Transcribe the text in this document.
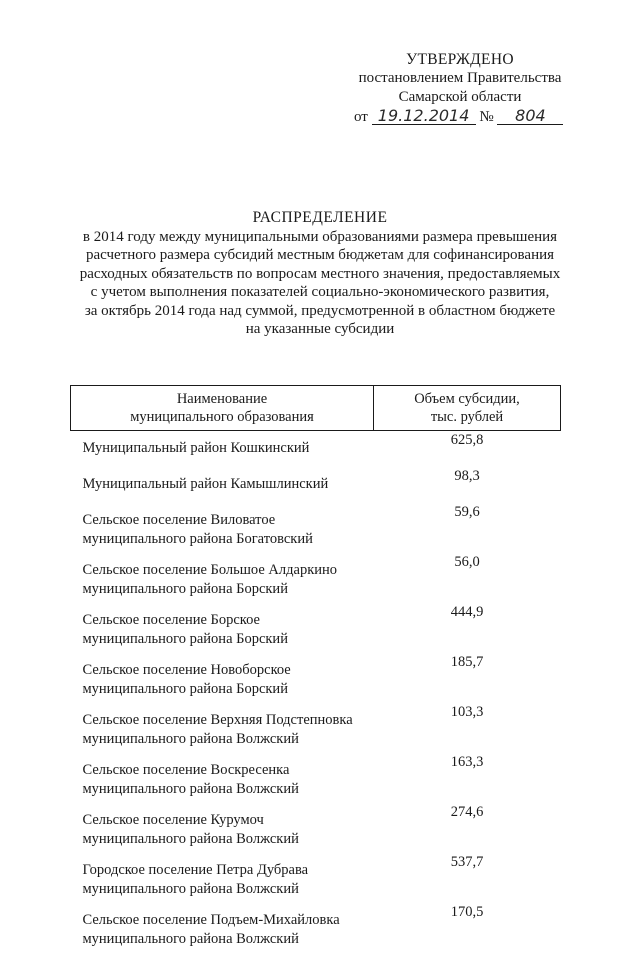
УТВЕРЖДЕНО
постановлением Правительства
Самарской области
от 19.12.2014 № 804
РАСПРЕДЕЛЕНИЕ
в 2014 году между муниципальными образованиями размера превышения
расчетного размера субсидий местным бюджетам для софинансирования
расходных обязательств по вопросам местного значения, предоставляемых
с учетом выполнения показателей социально-экономического развития,
за октябрь 2014 года над суммой, предусмотренной в областном бюджете
на указанные субсидии
Наименование
муниципального образования	Объем субсидии,
тыс. рублей

Муниципальный район Кошкинский	625,8

Муниципальный район Камышлинский	98,3

Сельское поселение Виловатое
муниципального района Богатовский	59,6

Сельское поселение Большое Алдаркино
муниципального района Борский	56,0

Сельское поселение Борское
муниципального района Борский	444,9

Сельское поселение Новоборское
муниципального района Борский	185,7

Сельское поселение Верхняя Подстепновка
муниципального района Волжский	103,3

Сельское поселение Воскресенка
муниципального района Волжский	163,3

Сельское поселение Курумоч
муниципального района Волжский	274,6

Городское поселение Петра Дубрава
муниципального района Волжский	537,7

Сельское поселение Подъем-Михайловка
муниципального района Волжский	170,5
